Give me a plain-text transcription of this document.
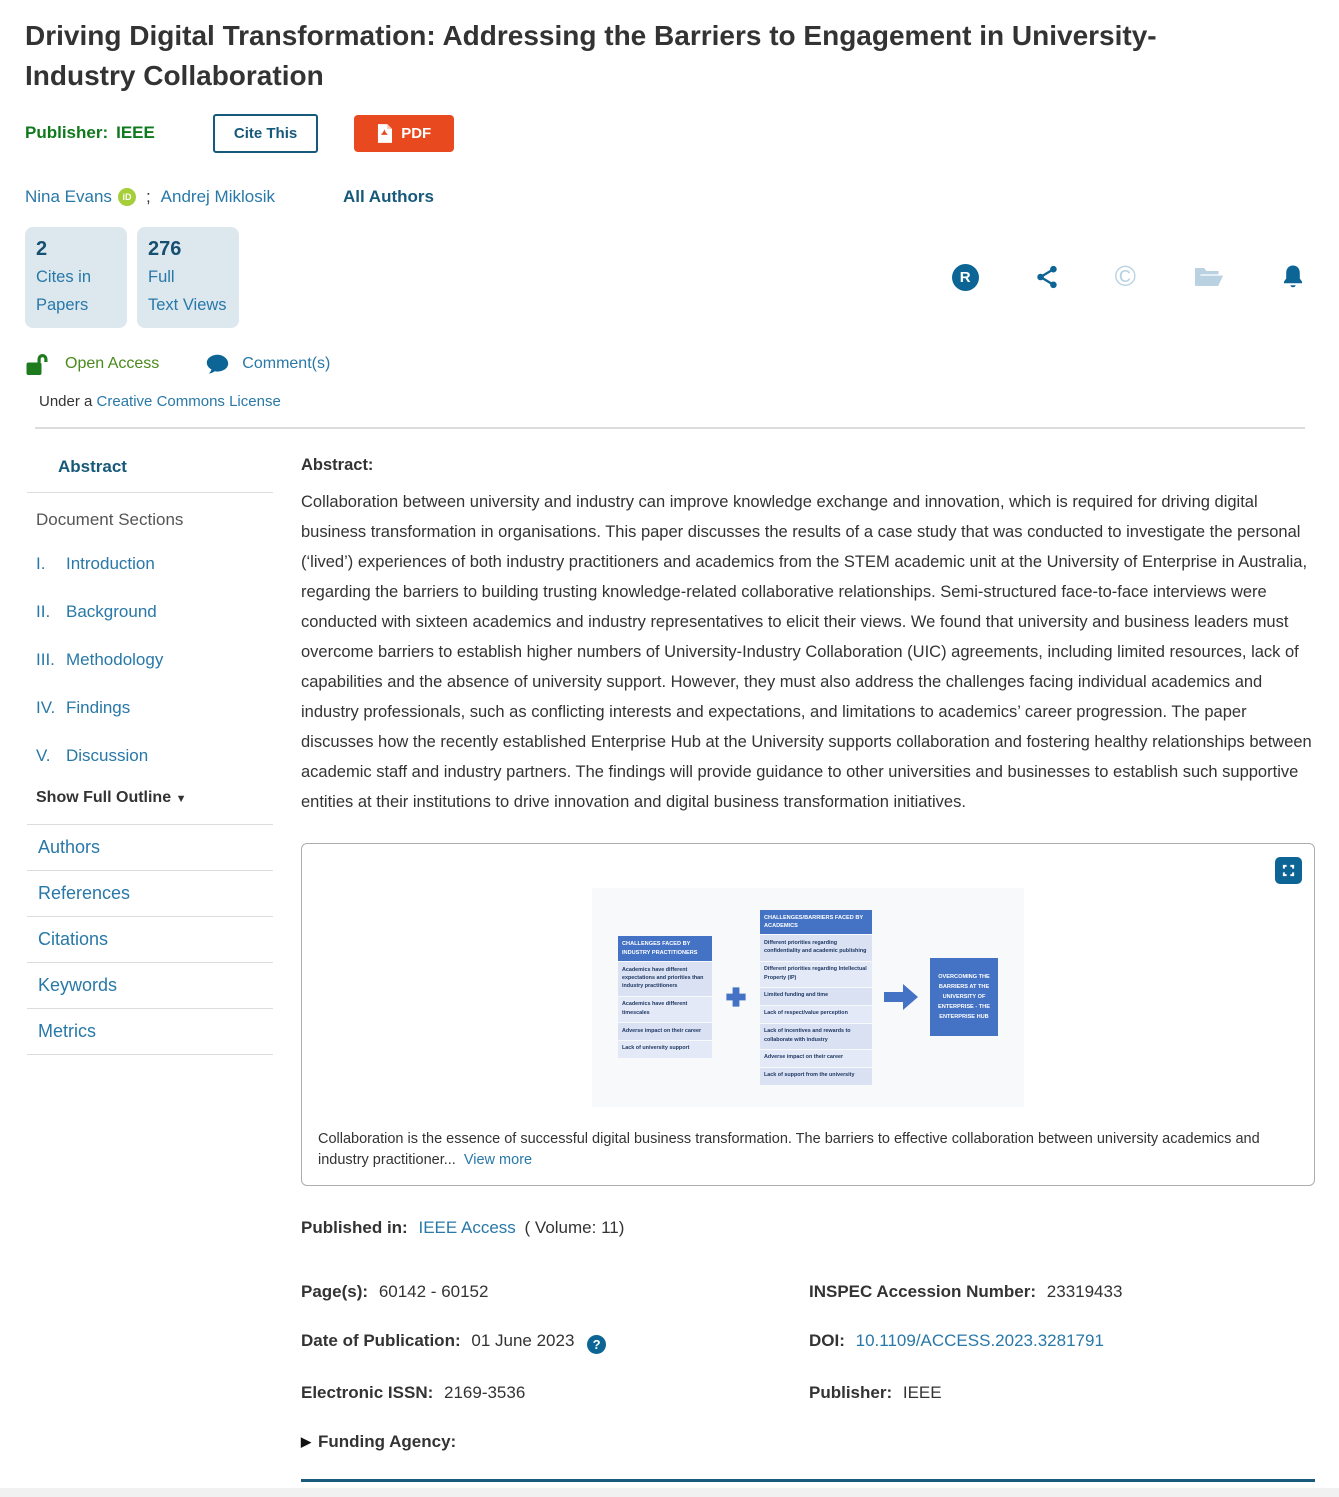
Driving Digital Transformation: Addressing the Barriers to Engagement in University-Industry Collaboration
Publisher: IEEE	Cite This	PDF
Nina Evans	iD ; Andrej Miklosik	All Authors
2
Cites in
Papers
276
Full
Text Views
R	©
Open Access	Comment(s)
Under a Creative Commons License
Abstract
Document Sections
I.	Introduction
II. Background
III. Methodology
IV. Findings
V. Discussion
Show Full Outline ▼
Authors
References
Citations
Keywords
Metrics
Abstract:

Collaboration between university and industry can improve knowledge exchange and innovation, which is required for driving digital business transformation in organisations. This paper discusses the results of a case study that was conducted to investigate the personal (‘lived’) experiences of both industry practitioners and academics from the STEM academic unit at the University of Enterprise in Australia, regarding the barriers to building trusting knowledge-related collaborative relationships. Semi-structured face-to-face interviews were conducted with sixteen academics and industry representatives to elicit their views. We found that university and business leaders must overcome barriers to establish higher numbers of University-Industry Collaboration (UIC) agreements, including limited resources, lack of capabilities and the absence of university support. However, they must also address the challenges facing individual academics and industry professionals, such as conflicting interests and expectations, and limitations to academics’ career progression. The paper discusses how the recently established Enterprise Hub at the University supports collaboration and fostering healthy relationships between academic staff and industry partners. The findings will provide guidance to other universities and businesses to establish such supportive entities at their institutions to drive innovation and digital business transformation initiatives.

CHALLENGES FACED BY INDUSTRY PRACTITIONERS
Academics have different expectations and priorities than industry practitioners
Academics have different timescales
Adverse impact on their career
Lack of university support
CHALLENGES/BARRIERS FACED BY ACADEMICS
Different priorities regarding confidentiality and academic publishing
Different priorities regarding Intellectual Property (IP)
Limited funding and time
Lack of respect/value perception
Lack of incentives and rewards to collaborate with industry
Adverse impact on their career
Lack of support from the university
OVERCOMING THE BARRIERS AT THE UNIVERSITY OF ENTERPRISE - THE ENTERPRISE HUB
Collaboration is the essence of successful digital business transformation. The barriers to effective collaboration between university academics and industry practitioner... View more
Published in: IEEE Access ( Volume: 11)
Page(s): 60142 - 60152	INSPEC Accession Number: 23319433
Date of Publication: 01 June 2023 ?	DOI: 10.1109/ACCESS.2023.3281791
Electronic ISSN: 2169-3536	Publisher: IEEE
▶ Funding Agency:
